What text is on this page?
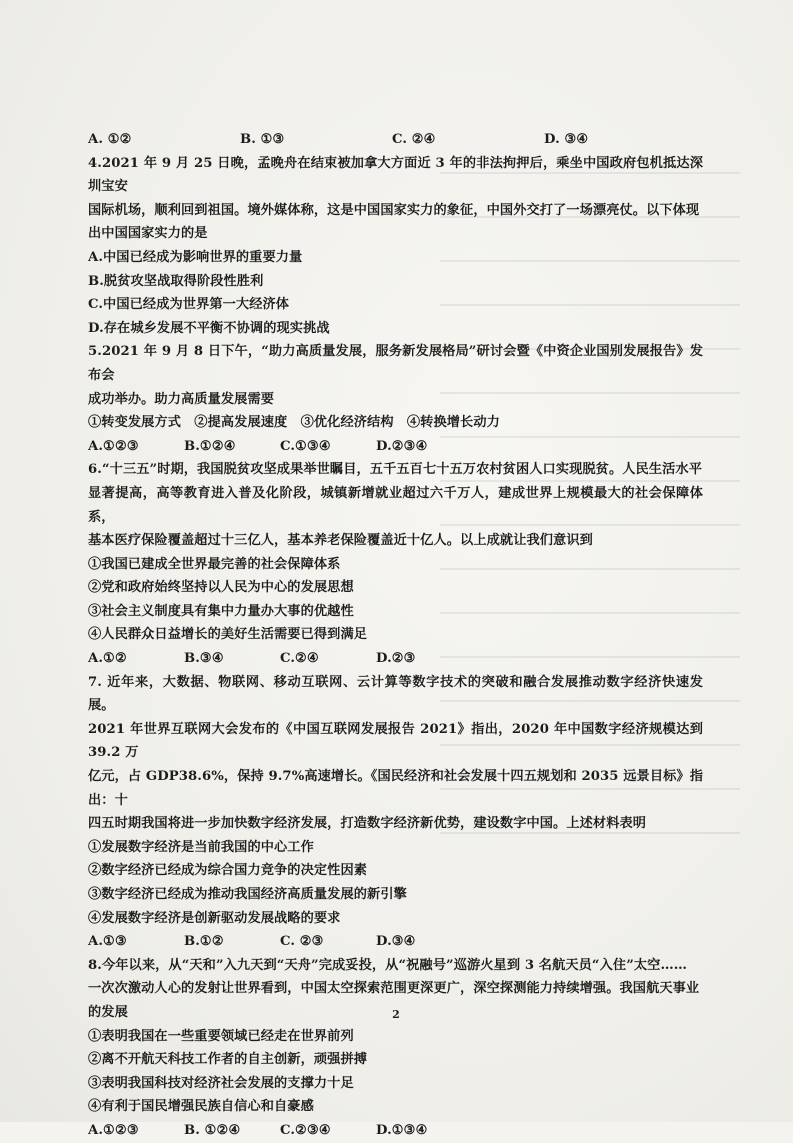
A. ①②	B. ①③	C. ②④	D. ③④
4.2021 年 9 月 25 日晚，孟晚舟在结束被加拿大方面近 3 年的非法拘押后，乘坐中国政府包机抵达深圳宝安
国际机场，顺利回到祖国。境外媒体称，这是中国国家实力的象征，中国外交打了一场漂亮仗。以下体现
出中国国家实力的是
A.中国已经成为影响世界的重要力量
B.脱贫攻坚战取得阶段性胜利
C.中国已经成为世界第一大经济体
D.存在城乡发展不平衡不协调的现实挑战
5.2021 年 9 月 8 日下午，“助力高质量发展，服务新发展格局”研讨会暨《中资企业国别发展报告》发布会
成功举办。助力高质量发展需要
①转变发展方式　②提高发展速度　③优化经济结构　④转换增长动力
A.①②③	B.①②④	C.①③④	D.②③④
6.“十三五”时期，我国脱贫攻坚成果举世瞩目，五千五百七十五万农村贫困人口实现脱贫。人民生活水平
显著提高，高等教育进入普及化阶段，城镇新增就业超过六千万人，建成世界上规模最大的社会保障体系，
基本医疗保险覆盖超过十三亿人，基本养老保险覆盖近十亿人。以上成就让我们意识到
①我国已建成全世界最完善的社会保障体系
②党和政府始终坚持以人民为中心的发展思想
③社会主义制度具有集中力量办大事的优越性
④人民群众日益增长的美好生活需要已得到满足
A.①②	B.③④	C.②④	D.②③
7. 近年来，大数据、物联网、移动互联网、云计算等数字技术的突破和融合发展推动数字经济快速发展。
2021 年世界互联网大会发布的《中国互联网发展报告 2021》指出，2020 年中国数字经济规模达到 39.2 万
亿元，占 GDP38.6%，保持 9.7%高速增长。《国民经济和社会发展十四五规划和 2035 远景目标》指出：十
四五时期我国将进一步加快数字经济发展，打造数字经济新优势，建设数字中国。上述材料表明
①发展数字经济是当前我国的中心工作
②数字经济已经成为综合国力竞争的决定性因素
③数字经济已经成为推动我国经济高质量发展的新引擎
④发展数字经济是创新驱动发展战略的要求
A.①③	B.①②	C. ②③	D.③④
8.今年以来，从“天和”入九天到“天舟”完成妥投，从“祝融号”巡游火星到 3 名航天员“入住”太空……
一次次激动人心的发射让世界看到，中国太空探索范围更深更广，深空探测能力持续增强。我国航天事业
的发展
①表明我国在一些重要领域已经走在世界前列
②离不开航天科技工作者的自主创新，顽强拼搏
③表明我国科技对经济社会发展的支撑力十足
④有利于国民增强民族自信心和自豪感
A.①②③	B. ①②④	C.②③④	D.①③④
2
